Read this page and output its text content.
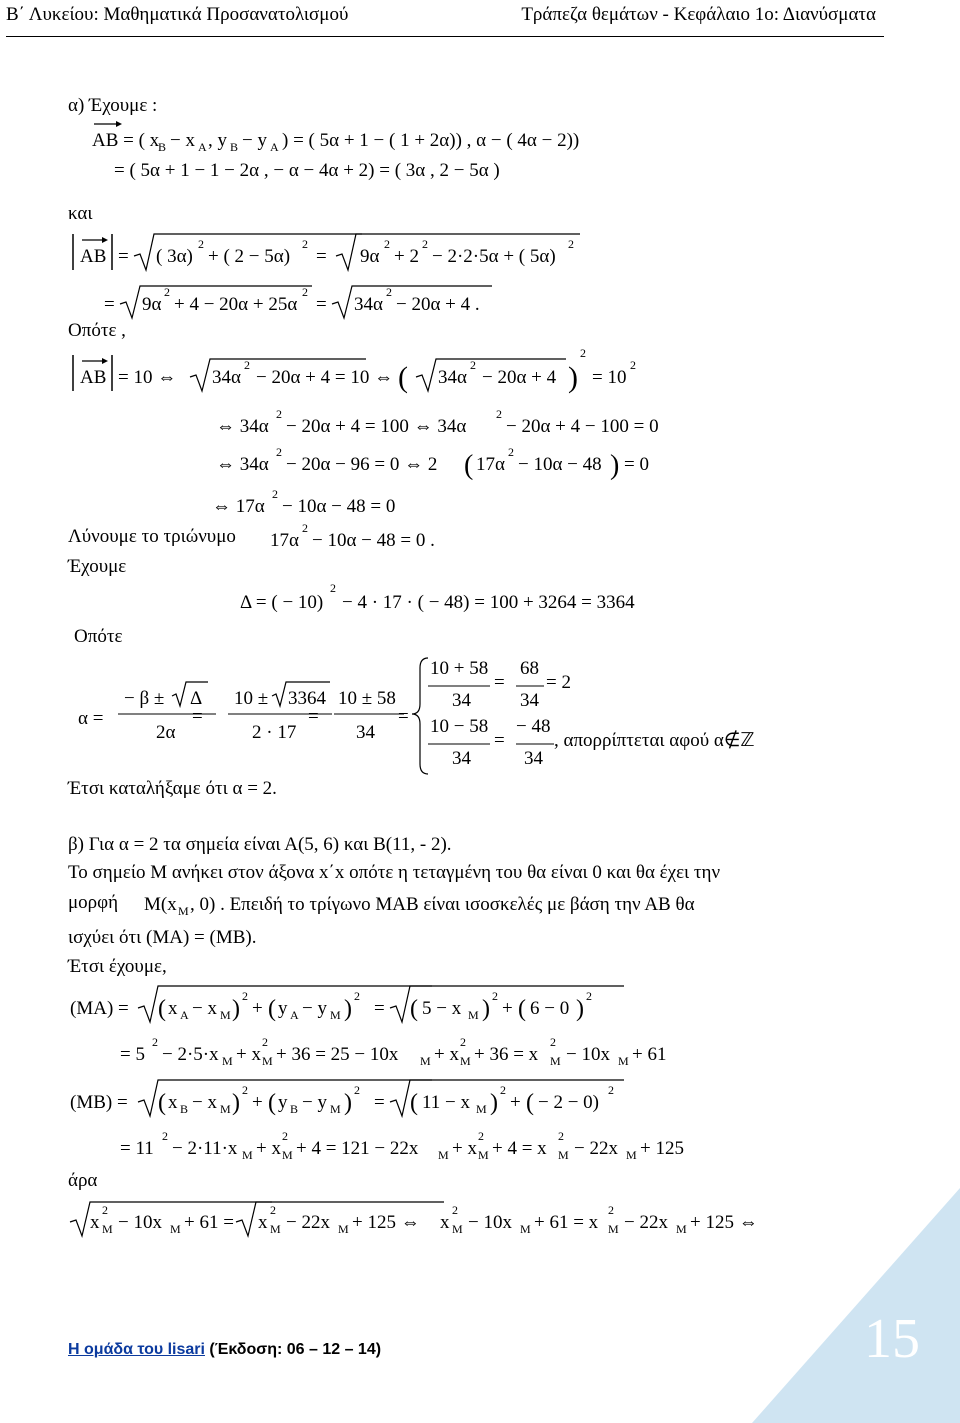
Β΄ Λυκείου: Μαθηματικά Προσανατολισμού	Τράπεζα θεμάτων - Κεφάλαιο 1ο: Διανύσματα
α) Έχουμε :
AB = ( x
B − x A , y B − y A ) = ( 5α + 1 − ( 1 + 2α)) , α − ( 4α − 2))
= ( 5α + 1 − 1 − 2α , − α − 4α + 2) = ( 3α , 2 − 5α )
και
AB = ( 3α)
2
+ ( 2 − 5α)
2
= 9α
2
+ 2
2
− 2·2·5α + ( 5α)
2
= 9α
2
+ 4 − 20α + 25α
2
= 34α
2
− 20α + 4 .
Οπότε ,
AB = 10 ⇔ 34α
2
− 20α + 4 = 10 ⇔ ( 34α
2
− 20α + 4 )
2
= 10
2
⇔ 34α
2
− 20α + 4 = 100 ⇔ 34α
2
− 20α + 4 − 100 = 0
⇔ 34α
2
− 20α − 96 = 0 ⇔ 2 ( 17α
2
− 10α − 48 ) = 0
⇔ 17α
2
− 10α − 48 = 0
Λύνουμε το τριώνυμο 17α
2
− 10α − 48 = 0 .
Έχουμε
Δ = ( − 10)
2
− 4 · 17 · ( − 48) = 100 + 3264 = 3364
Οπότε
α =
− β ± Δ
2α
=
10 ± 3364
2 · 17
=
10 ± 58
34
=
10 + 58
34
=
68
34
= 2
10 − 58
34
=
− 48
34
, απορρίπτεται αφού α∉ℤ
Έτσι καταλήξαμε ότι α = 2.
β) Για α = 2 τα σημεία είναι Α(5, 6) και Β(11, - 2).
Το σημείο Μ ανήκει στον άξονα x΄x οπότε η τεταγμένη του θα είναι 0 και θα έχει την
μορφή Μ(x M , 0) . Επειδή το τρίγωνο ΜΑΒ είναι ισοσκελές με βάση την ΑΒ θα
ισχύει ότι (ΜΑ) = (ΜΒ).
Έτσι έχουμε,
(ΜΑ) = ( x A − x M ) 2
+ ( y A − y M ) 2
= ( 5 − x M ) 2
+ ( 6 − 0 ) 2
= 5
2
− 2·5·x M + x
2
M + 36 = 25 − 10x M + x
2
M + 36 = x
2
M − 10x M + 61
(ΜΒ) = ( x B − x M ) 2
+ ( y B − y M ) 2
= ( 11 − x M ) 2
+ ( − 2 − 0)
2
= 11
2
− 2·11·x M + x
2
M + 4 = 121 − 22x M + x
2
M + 4 = x
2
M − 22x M + 125
άρα
x
2
M − 10x M + 61 = x
2
M − 22x M + 125 ⇔ x
2
M − 10x M + 61 = x
2
M − 22x M + 125 ⇔
Η ομάδα του lisari (Έκδοση: 06 – 12 – 14)	15
